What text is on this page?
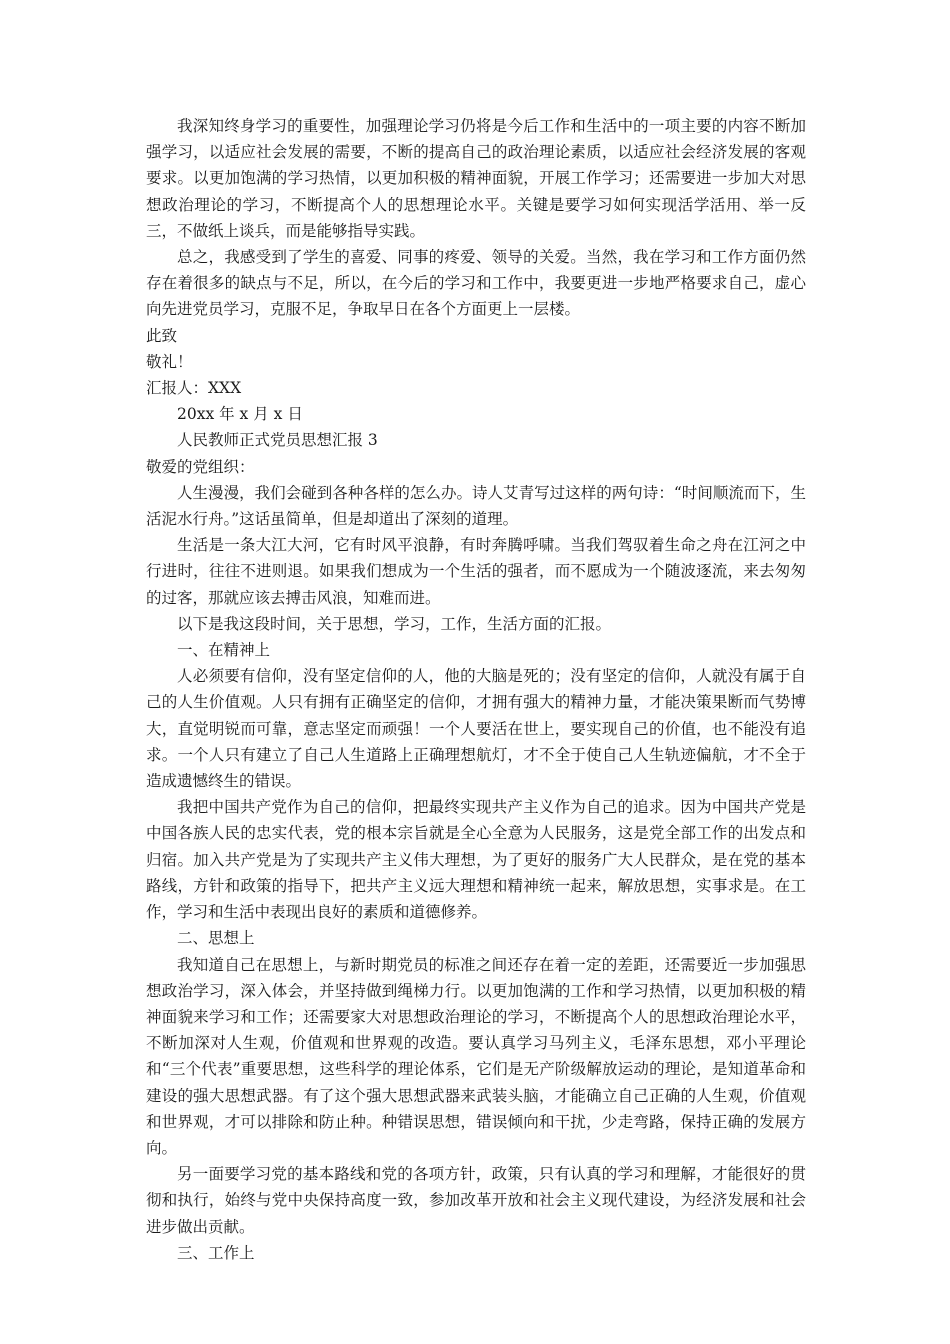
我深知终身学习的重要性，加强理论学习仍将是今后工作和生活中的一项主要的内容不断加强学习，以适应社会发展的需要，不断的提高自己的政治理论素质，以适应社会经济发展的客观要求。以更加饱满的学习热情，以更加积极的精神面貌，开展工作学习；还需要进一步加大对思想政治理论的学习，不断提高个人的思想理论水平。关键是要学习如何实现活学活用、举一反三，不做纸上谈兵，而是能够指导实践。

总之，我感受到了学生的喜爱、同事的疼爱、领导的关爱。当然，我在学习和工作方面仍然存在着很多的缺点与不足，所以，在今后的学习和工作中，我要更进一步地严格要求自己，虚心向先进党员学习，克服不足，争取早日在各个方面更上一层楼。

此致

敬礼！

汇报人：XXX

20xx 年 x 月 x 日

人民教师正式党员思想汇报 3

敬爱的党组织：

人生漫漫，我们会碰到各种各样的怎么办。诗人艾青写过这样的两句诗：“时间顺流而下，生活泥水行舟。”这话虽简单，但是却道出了深刻的道理。

生活是一条大江大河，它有时风平浪静，有时奔腾呼啸。当我们驾驭着生命之舟在江河之中行进时，往往不进则退。如果我们想成为一个生活的强者，而不愿成为一个随波逐流，来去匆匆的过客，那就应该去搏击风浪，知难而进。

以下是我这段时间，关于思想，学习，工作，生活方面的汇报。

一、在精神上

人必须要有信仰，没有坚定信仰的人，他的大脑是死的；没有坚定的信仰，人就没有属于自己的人生价值观。人只有拥有正确坚定的信仰，才拥有强大的精神力量，才能决策果断而气势博大，直觉明锐而可靠，意志坚定而顽强！一个人要活在世上，要实现自己的价值，也不能没有追求。一个人只有建立了自己人生道路上正确理想航灯，才不全于使自己人生轨迹偏航，才不全于造成遗憾终生的错误。

我把中国共产党作为自己的信仰，把最终实现共产主义作为自己的追求。因为中国共产党是中国各族人民的忠实代表，党的根本宗旨就是全心全意为人民服务，这是党全部工作的出发点和归宿。加入共产党是为了实现共产主义伟大理想，为了更好的服务广大人民群众，是在党的基本路线，方针和政策的指导下，把共产主义远大理想和精神统一起来，解放思想，实事求是。在工作，学习和生活中表现出良好的素质和道德修养。

二、思想上

我知道自己在思想上，与新时期党员的标准之间还存在着一定的差距，还需要近一步加强思想政治学习，深入体会，并坚持做到绳梯力行。以更加饱满的工作和学习热情，以更加积极的精神面貌来学习和工作；还需要家大对思想政治理论的学习，不断提高个人的思想政治理论水平，不断加深对人生观，价值观和世界观的改造。要认真学习马列主义，毛泽东思想，邓小平理论和“三个代表”重要思想，这些科学的理论体系，它们是无产阶级解放运动的理论，是知道革命和建设的强大思想武器。有了这个强大思想武器来武装头脑，才能确立自己正确的人生观，价值观和世界观，才可以排除和防止种。种错误思想，错误倾向和干扰，少走弯路，保持正确的发展方向。

另一面要学习党的基本路线和党的各项方针，政策，只有认真的学习和理解，才能很好的贯彻和执行，始终与党中央保持高度一致，参加改革开放和社会主义现代建设，为经济发展和社会进步做出贡献。

三、工作上
